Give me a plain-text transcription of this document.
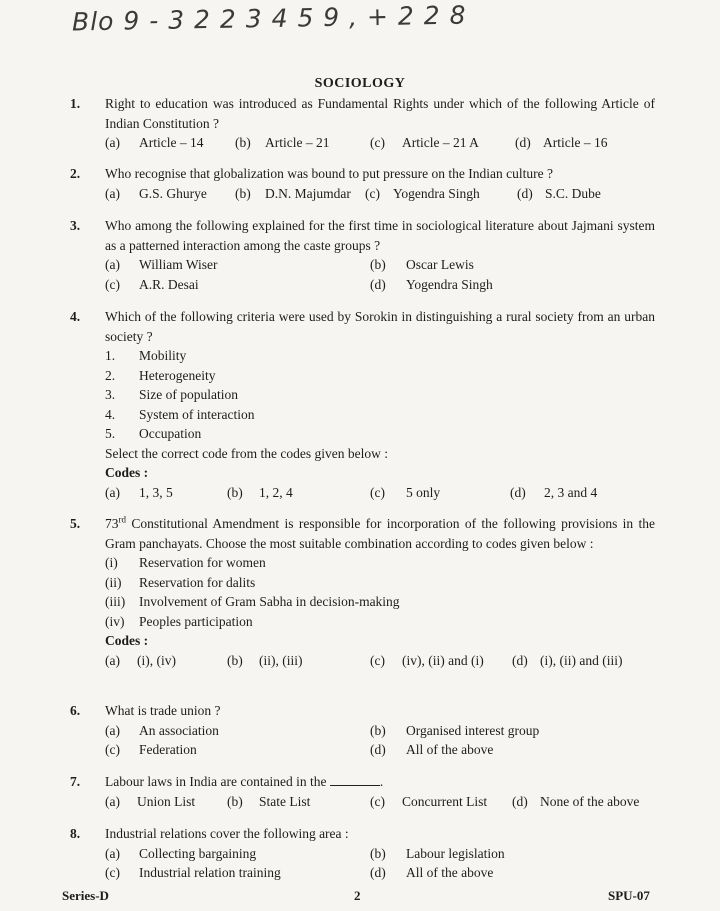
Blo 9 - 3 2 2 3 4 5 9 , + 2 2 8
SOCIOLOGY
1. Right to education was introduced as Fundamental Rights under which of the following Article of Indian Constitution ?
(a) Article – 14	(b) Article – 21	(c) Article – 21 A	(d) Article – 16
2. Who recognise that globalization was bound to put pressure on the Indian culture ?
(a) G.S. Ghurye	(b) D.N. Majumdar	(c) Yogendra Singh	(d) S.C. Dube
3. Who among the following explained for the first time in sociological literature about Jajmani system as a patterned interaction among the caste groups ?
(a) William Wiser	(b) Oscar Lewis
(c) A.R. Desai	(d) Yogendra Singh
4. Which of the following criteria were used by Sorokin in distinguishing a rural society from an urban society ?
1.	Mobility
2.	Heterogeneity
3.	Size of population
4.	System of interaction
5.	Occupation
Select the correct code from the codes given below :
Codes :
(a) 1, 3, 5	(b) 1, 2, 4	(c) 5 only	(d) 2, 3 and 4
5. 73rd Constitutional Amendment is responsible for incorporation of the following provisions in the Gram panchayats. Choose the most suitable combination according to codes given below :
(i)	Reservation for women
(ii)	Reservation for dalits
(iii)	Involvement of Gram Sabha in decision-making
(iv)	Peoples participation
Codes :
(a) (i), (iv)	(b) (ii), (iii)	(c) (iv), (ii) and (i)	(d) (i), (ii) and (iii)
6. What is trade union ?
(a) An association	(b) Organised interest group
(c) Federation	(d) All of the above
7. Labour laws in India are contained in the	.
(a) Union List	(b) State List	(c) Concurrent List	(d) None of the above
8. Industrial relations cover the following area :
(a) Collecting bargaining	(b) Labour legislation
(c) Industrial relation training	(d) All of the above
Series-D	2	SPU-07
